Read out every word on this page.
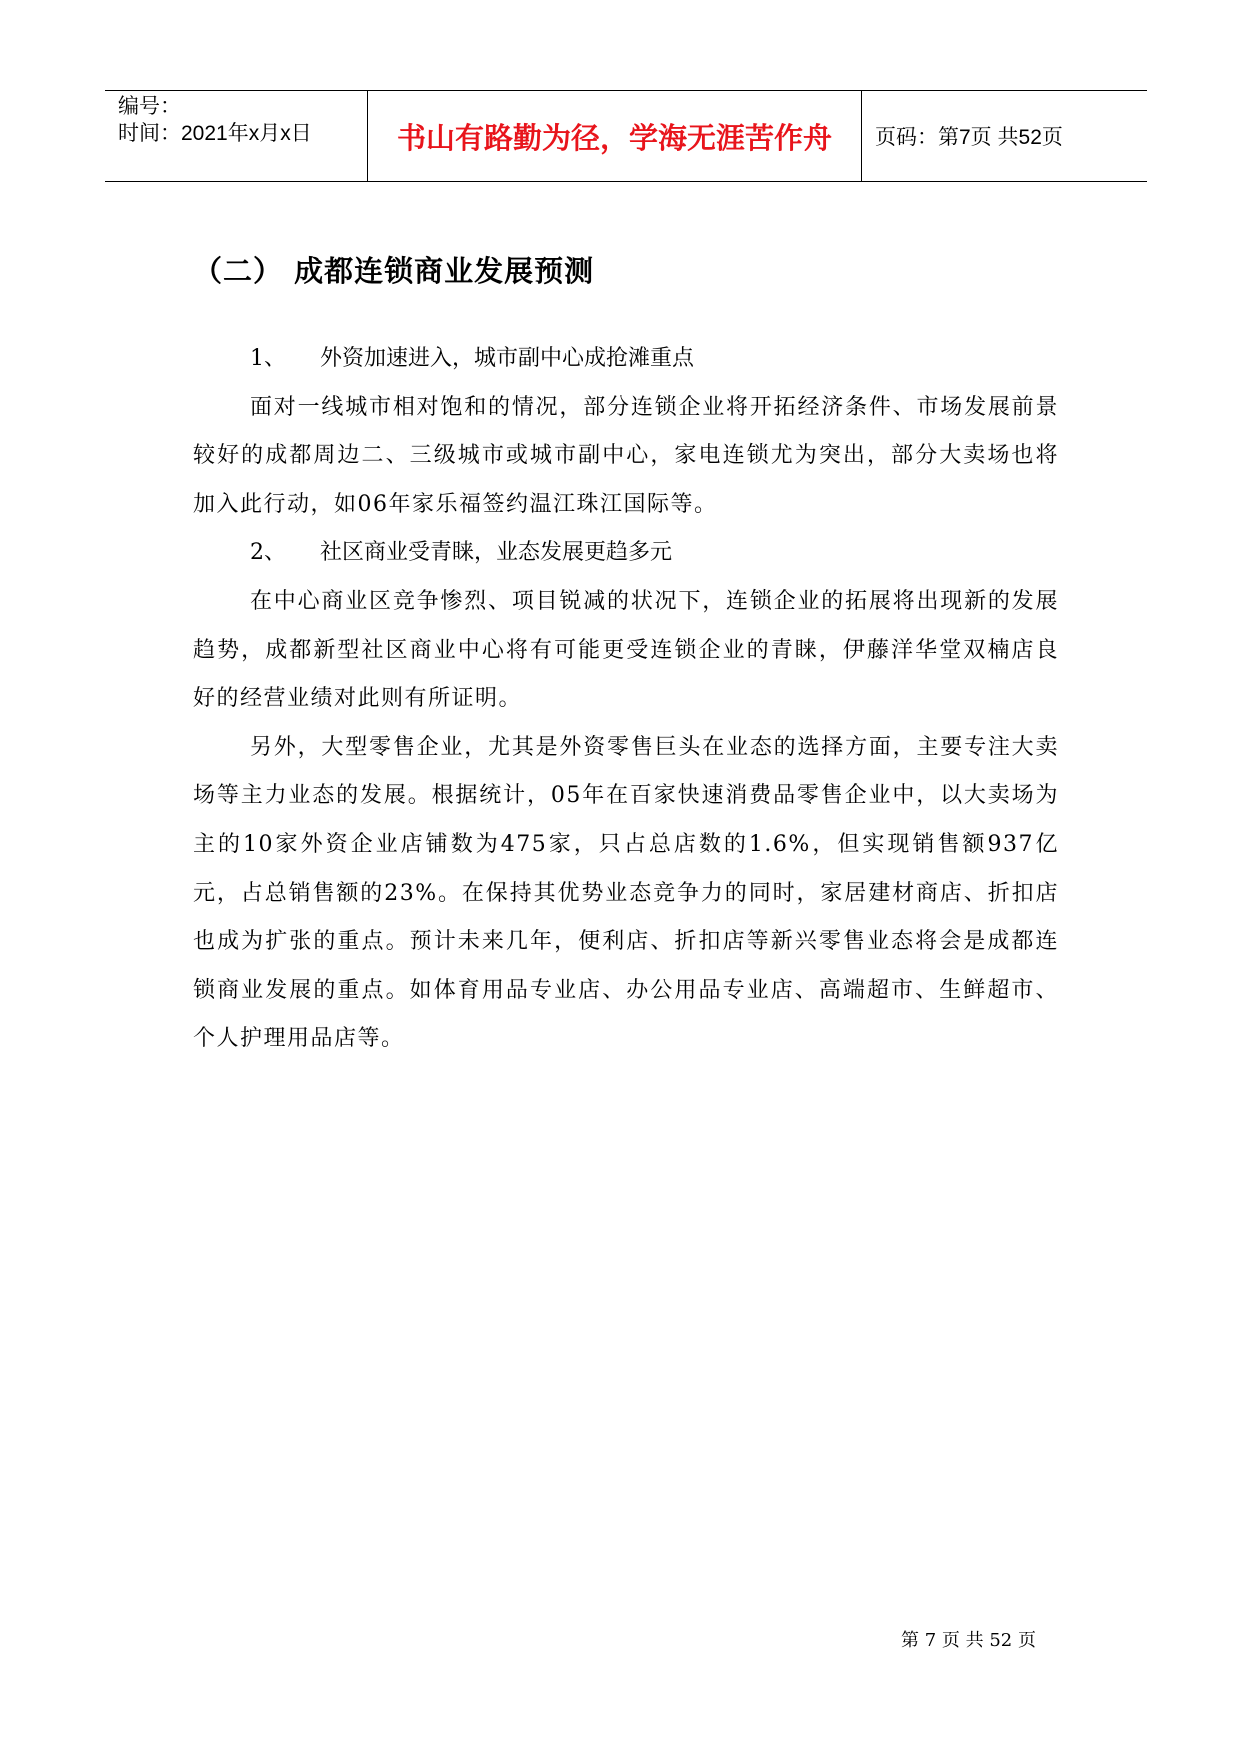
编号：
时间：2021年x月x日	书山有路勤为径，学海无涯苦作舟	页码：第7页 共52页
（二） 成都连锁商业发展预测

1、 外资加速进入，城市副中心成抢滩重点

面对一线城市相对饱和的情况，部分连锁企业将开拓经济条件、市场发展前景较好的成都周边二、三级城市或城市副中心，家电连锁尤为突出，部分大卖场也将加入此行动，如06年家乐福签约温江珠江国际等。

2、 社区商业受青睐，业态发展更趋多元

在中心商业区竞争惨烈、项目锐减的状况下，连锁企业的拓展将出现新的发展趋势，成都新型社区商业中心将有可能更受连锁企业的青睐，伊藤洋华堂双楠店良好的经营业绩对此则有所证明。

另外，大型零售企业，尤其是外资零售巨头在业态的选择方面，主要专注大卖场等主力业态的发展。根据统计，05年在百家快速消费品零售企业中，以大卖场为主的10家外资企业店铺数为475家，只占总店数的1.6%，但实现销售额937亿元，占总销售额的23%。在保持其优势业态竞争力的同时，家居建材商店、折扣店也成为扩张的重点。预计未来几年，便利店、折扣店等新兴零售业态将会是成都连锁商业发展的重点。如体育用品专业店、办公用品专业店、高端超市、生鲜超市、个人护理用品店等。

第 7 页 共 52 页
